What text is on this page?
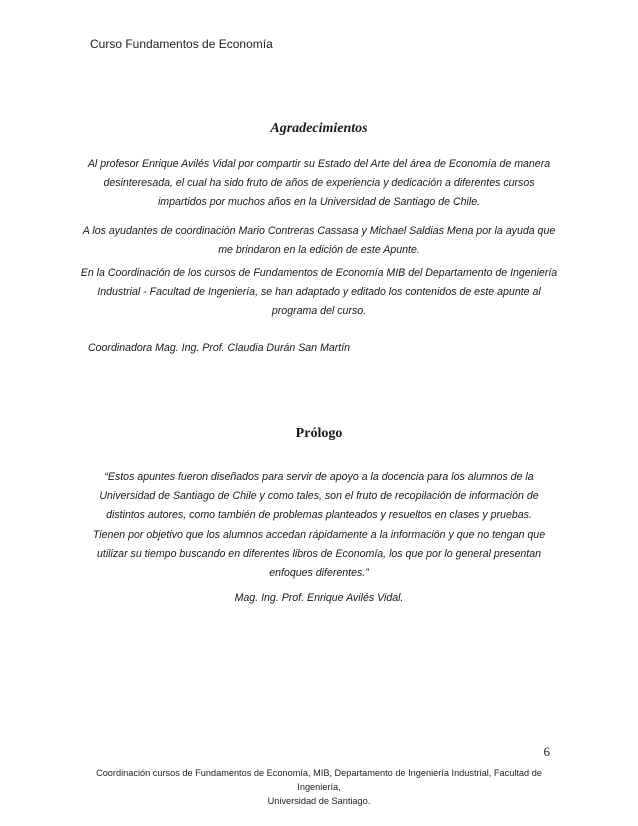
Curso Fundamentos de Economía
Agradecimientos
Al profesor Enrique Avilés Vidal por compartir su Estado del Arte del área de Economía de manera desinteresada, el cual ha sido fruto de años de experiencia y dedicación a diferentes cursos impartidos por muchos años en la Universidad de Santiago de Chile.
A los ayudantes de coordinación Mario Contreras Cassasa y Michael Saldias Mena por la ayuda que me brindaron en la edición de este Apunte.
En la Coordinación de los cursos de Fundamentos de Economía MIB del Departamento de Ingeniería Industrial - Facultad de Ingeniería, se han adaptado y editado los contenidos de este apunte al programa del curso.
Coordinadora Mag. Ing. Prof. Claudia Durán San Martín
Prólogo
“Estos apuntes fueron diseñados para servir de apoyo a la docencia para los alumnos de la Universidad de Santiago de Chile y como tales, son el fruto de recopilación de información de distintos autores, como también de problemas planteados y resueltos en clases y pruebas.
Tienen por objetivo que los alumnos accedan rápidamente a la información y que no tengan que utilizar su tiempo buscando en diferentes libros de Economía, los que por lo general presentan enfoques diferentes.”
Mag. Ing. Prof. Enrique Avilés Vidal.
6
Coordinación cursos de Fundamentos de Economía, MIB, Departamento de Ingeniería Industrial, Facultad de Ingeniería,
Universidad de Santiago.
